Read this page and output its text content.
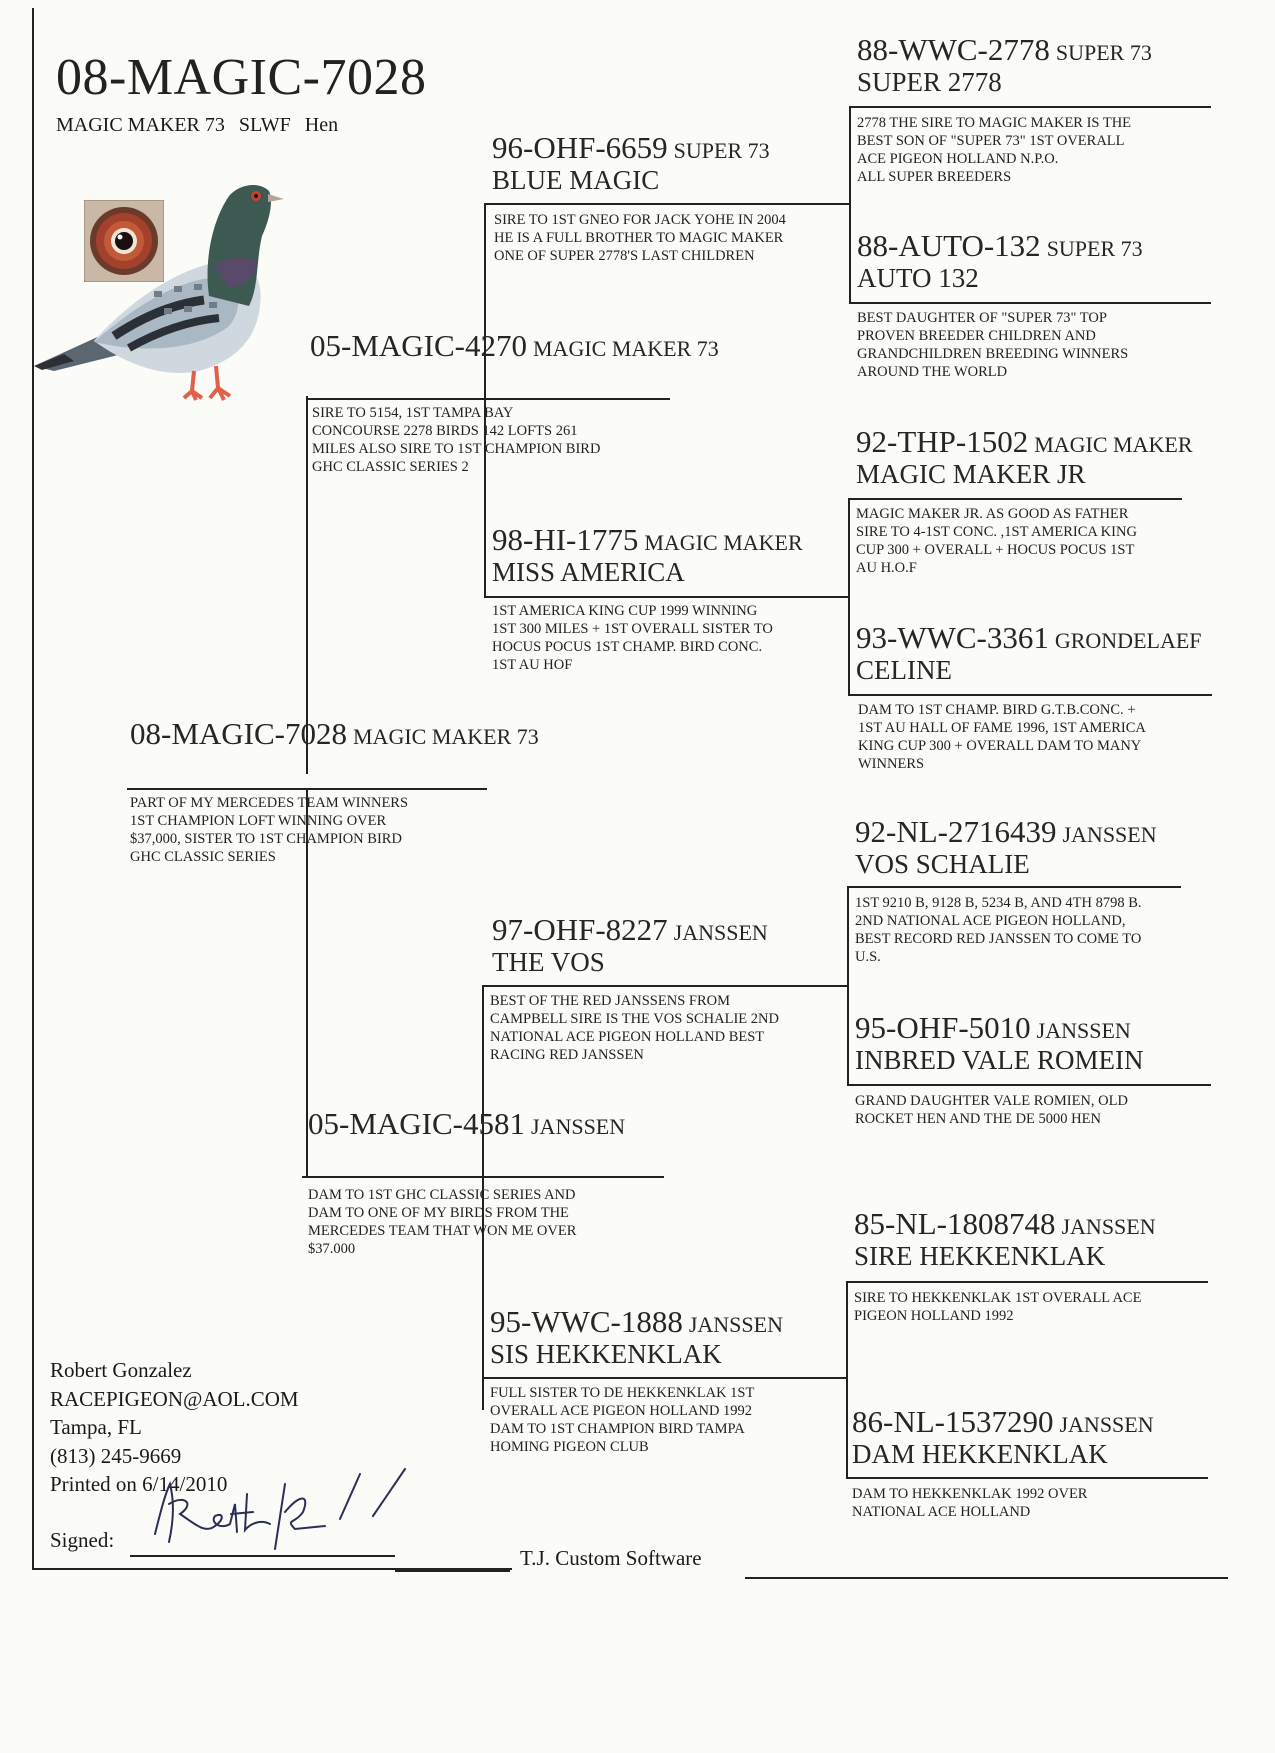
08-MAGIC-7028
MAGIC MAKER 73 SLWF Hen
08-MAGIC-7028 MAGIC MAKER 73
PART OF MY MERCEDES TEAM WINNERS
1ST CHAMPION LOFT WINNING OVER
$37,000, SISTER TO 1ST CHAMPION BIRD
GHC CLASSIC SERIES
05-MAGIC-4270 MAGIC MAKER 73
SIRE TO 5154, 1ST TAMPA BAY
CONCOURSE 2278 BIRDS 142 LOFTS 261
MILES ALSO SIRE TO 1ST CHAMPION BIRD
GHC CLASSIC SERIES 2
05-MAGIC-4581 JANSSEN
DAM TO 1ST GHC CLASSIC SERIES AND
DAM TO ONE OF MY BIRDS FROM THE
MERCEDES TEAM THAT WON ME OVER
$37.000
96-OHF-6659 SUPER 73
BLUE MAGIC
SIRE TO 1ST GNEO FOR JACK YOHE IN 2004
HE IS A FULL BROTHER TO MAGIC MAKER
ONE OF SUPER 2778'S LAST CHILDREN
98-HI-1775 MAGIC MAKER
MISS AMERICA
1ST AMERICA KING CUP 1999 WINNING
1ST 300 MILES + 1ST OVERALL SISTER TO
HOCUS POCUS 1ST CHAMP. BIRD CONC.
1ST AU HOF
97-OHF-8227 JANSSEN
THE VOS
BEST OF THE RED JANSSENS FROM
CAMPBELL SIRE IS THE VOS SCHALIE 2ND
NATIONAL ACE PIGEON HOLLAND BEST
RACING RED JANSSEN
95-WWC-1888 JANSSEN
SIS HEKKENKLAK
FULL SISTER TO DE HEKKENKLAK 1ST
OVERALL ACE PIGEON HOLLAND 1992
DAM TO 1ST CHAMPION BIRD TAMPA
HOMING PIGEON CLUB
88-WWC-2778 SUPER 73
SUPER 2778
2778 THE SIRE TO MAGIC MAKER IS THE
BEST SON OF "SUPER 73" 1ST OVERALL
ACE PIGEON HOLLAND N.P.O.
ALL SUPER BREEDERS
88-AUTO-132 SUPER 73
AUTO 132
BEST DAUGHTER OF "SUPER 73" TOP
PROVEN BREEDER CHILDREN AND
GRANDCHILDREN BREEDING WINNERS
AROUND THE WORLD
92-THP-1502 MAGIC MAKER
MAGIC MAKER JR
MAGIC MAKER JR. AS GOOD AS FATHER
SIRE TO 4-1ST CONC. ,1ST AMERICA KING
CUP 300 + OVERALL + HOCUS POCUS 1ST
AU H.O.F
93-WWC-3361 GRONDELAEF
CELINE
DAM TO 1ST CHAMP. BIRD G.T.B.CONC. +
1ST AU HALL OF FAME 1996, 1ST AMERICA
KING CUP 300 + OVERALL DAM TO MANY
WINNERS
92-NL-2716439 JANSSEN
VOS SCHALIE
1ST 9210 B, 9128 B, 5234 B, AND 4TH 8798 B.
2ND NATIONAL ACE PIGEON HOLLAND,
BEST RECORD RED JANSSEN TO COME TO
U.S.
95-OHF-5010 JANSSEN
INBRED VALE ROMEIN
GRAND DAUGHTER VALE ROMIEN, OLD
ROCKET HEN AND THE DE 5000 HEN
85-NL-1808748 JANSSEN
SIRE HEKKENKLAK
SIRE TO HEKKENKLAK 1ST OVERALL ACE
PIGEON HOLLAND 1992
86-NL-1537290 JANSSEN
DAM HEKKENKLAK
DAM TO HEKKENKLAK 1992 OVER
NATIONAL ACE HOLLAND
Robert Gonzalez
RACEPIGEON@AOL.COM
Tampa, FL
(813) 245-9669
Printed on 6/14/2010
Signed:
T.J. Custom Software
